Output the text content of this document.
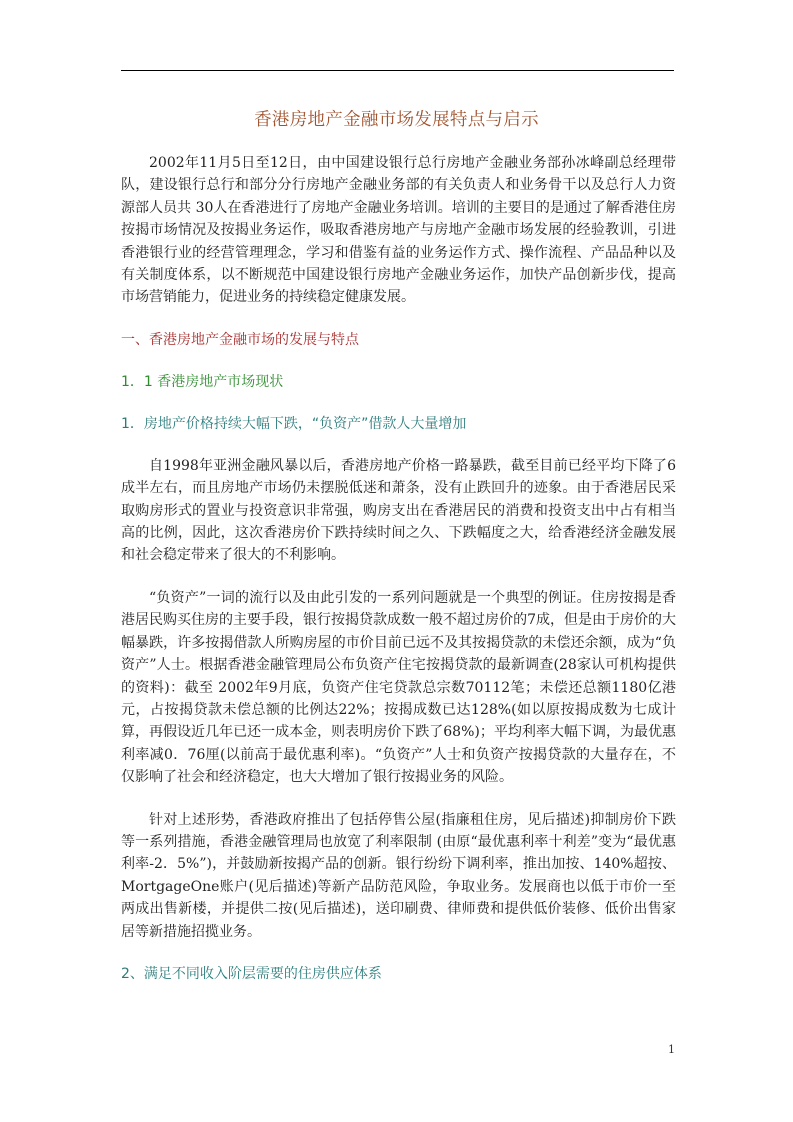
香港房地产金融市场发展特点与启示

2002年11月5日至12日，由中国建设银行总行房地产金融业务部孙冰峰副总经理带队，建设银行总行和部分分行房地产金融业务部的有关负责人和业务骨干以及总行人力资源部人员共 30人在香港进行了房地产金融业务培训。培训的主要目的是通过了解香港住房按揭市场情况及按揭业务运作，吸取香港房地产与房地产金融市场发展的经验教训，引进香港银行业的经营管理理念，学习和借鉴有益的业务运作方式、操作流程、产品品种以及有关制度体系，以不断规范中国建设银行房地产金融业务运作，加快产品创新步伐，提高市场营销能力，促进业务的持续稳定健康发展。

一、香港房地产金融市场的发展与特点

1．1 香港房地产市场现状

1．房地产价格持续大幅下跌，“负资产”借款人大量增加

自1998年亚洲金融风暴以后，香港房地产价格一路暴跌，截至目前已经平均下降了6成半左右，而且房地产市场仍未摆脱低迷和萧条，没有止跌回升的迹象。由于香港居民采取购房形式的置业与投资意识非常强，购房支出在香港居民的消费和投资支出中占有相当高的比例，因此，这次香港房价下跌持续时间之久、下跌幅度之大，给香港经济金融发展和社会稳定带来了很大的不利影响。

“负资产”一词的流行以及由此引发的一系列问题就是一个典型的例证。住房按揭是香港居民购买住房的主要手段，银行按揭贷款成数一般不超过房价的7成，但是由于房价的大幅暴跌，许多按揭借款人所购房屋的市价目前已远不及其按揭贷款的未偿还余额，成为“负资产”人士。根据香港金融管理局公布负资产住宅按揭贷款的最新调查(28家认可机构提供的资料)：截至 2002年9月底，负资产住宅贷款总宗数70112笔；未偿还总额1180亿港元，占按揭贷款未偿总额的比例达22%；按揭成数已达128%(如以原按揭成数为七成计算，再假设近几年已还一成本金，则表明房价下跌了68%)；平均利率大幅下调，为最优惠利率减0．76厘(以前高于最优惠利率)。“负资产”人士和负资产按揭贷款的大量存在，不仅影响了社会和经济稳定，也大大增加了银行按揭业务的风险。

针对上述形势，香港政府推出了包括停售公屋(指廉租住房，见后描述)抑制房价下跌等一系列措施，香港金融管理局也放宽了利率限制 (由原“最优惠利率十利差”变为“最优惠利率-2．5%”)，并鼓励新按揭产品的创新。银行纷纷下调利率，推出加按、140%超按、MortgageOne账户(见后描述)等新产品防范风险，争取业务。发展商也以低于市价一至两成出售新楼，并提供二按(见后描述)，送印刷费、律师费和提供低价装修、低价出售家居等新措施招揽业务。

2、满足不同收入阶层需要的住房供应体系

1
